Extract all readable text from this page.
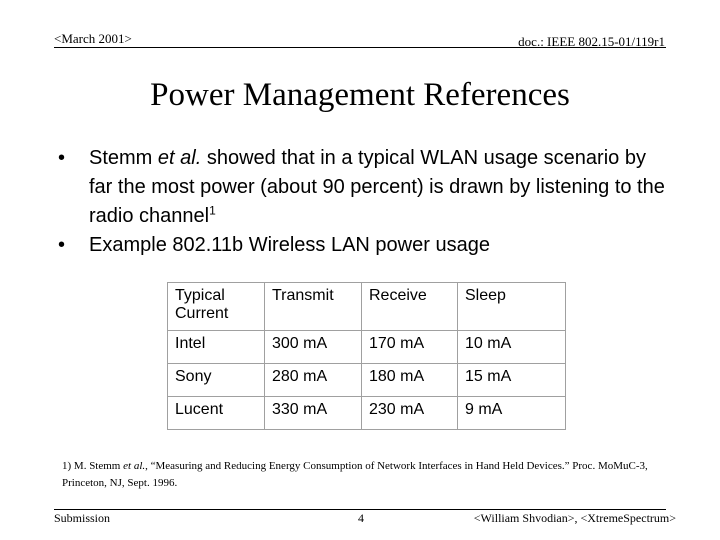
<March 2001>	doc.: IEEE 802.15-01/119r1
Power Management References
• Stemm et al. showed that in a typical WLAN usage scenario by far the most power (about 90 percent) is drawn by listening to the radio channel$^1$
• Example 802.11b Wireless LAN power usage
Typical Current	Transmit	Receive	Sleep
Intel	300 mA	170 mA	10 mA
Sony	280 mA	180 mA	15 mA
Lucent	330 mA	230 mA	9 mA
1) M. Stemm et al., “Measuring and Reducing Energy Consumption of Network Interfaces in Hand Held Devices.” Proc. MoMuC-3, Princeton, NJ, Sept. 1996.
Submission	4	<William Shvodian>, <XtremeSpectrum>
